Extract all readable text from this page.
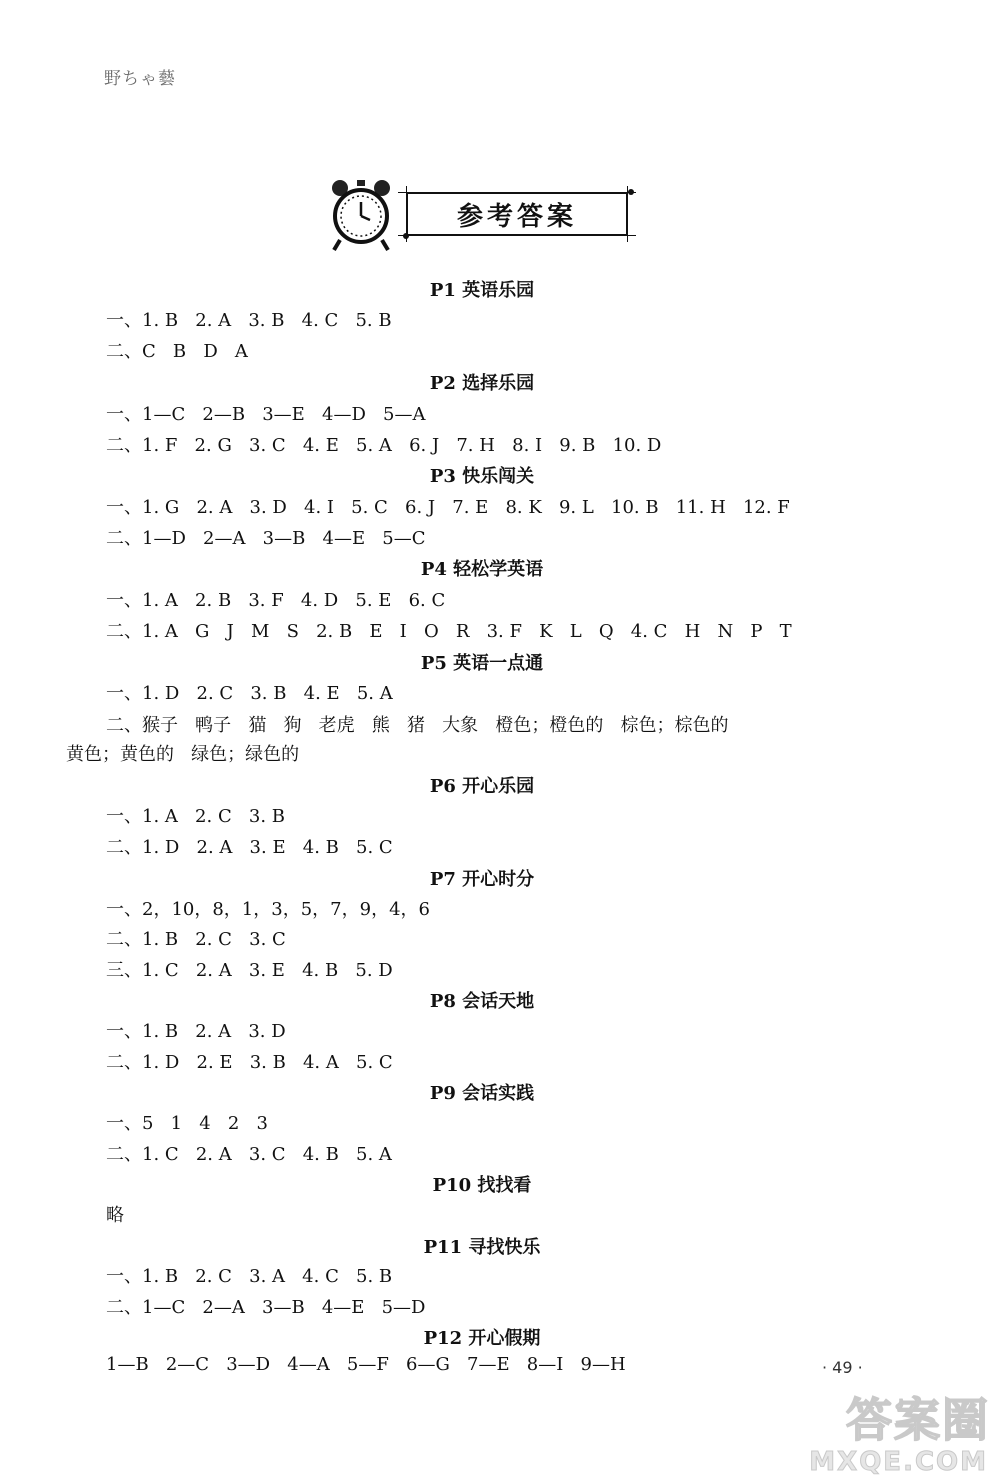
野ちゃ藝
参考答案
P1 英语乐园
一、1. B   2. A   3. B   4. C   5. B
二、C   B   D   A
P2 选择乐园
一、1—C   2—B   3—E   4—D   5—A
二、1. F   2. G   3. C   4. E   5. A   6. J   7. H   8. I   9. B   10. D
P3 快乐闯关
一、1. G   2. A   3. D   4. I   5. C   6. J   7. E   8. K   9. L   10. B   11. H   12. F
二、1—D   2—A   3—B   4—E   5—C
P4 轻松学英语
一、1. A   2. B   3. F   4. D   5. E   6. C
二、1. A   G   J   M   S   2. B   E   I   O   R   3. F   K   L   Q   4. C   H   N   P   T
P5 英语一点通
一、1. D   2. C   3. B   4. E   5. A
二、猴子   鸭子   猫   狗   老虎   熊   猪   大象   橙色；橙色的   棕色；棕色的
黄色；黄色的   绿色；绿色的
P6 开心乐园
一、1. A   2. C   3. B
二、1. D   2. A   3. E   4. B   5. C
P7 开心时分
一、2，10，8，1，3，5，7，9，4，6
二、1. B   2. C   3. C
三、1. C   2. A   3. E   4. B   5. D
P8 会话天地
一、1. B   2. A   3. D
二、1. D   2. E   3. B   4. A   5. C
P9 会话实践
一、5   1   4   2   3
二、1. C   2. A   3. C   4. B   5. A
P10 找找看
略
P11 寻找快乐
一、1. B   2. C   3. A   4. C   5. B
二、1—C   2—A   3—B   4—E   5—D
P12 开心假期
1—B   2—C   3—D   4—A   5—F   6—G   7—E   8—I   9—H	· 49 ·
答案圈
MXQE.COM
